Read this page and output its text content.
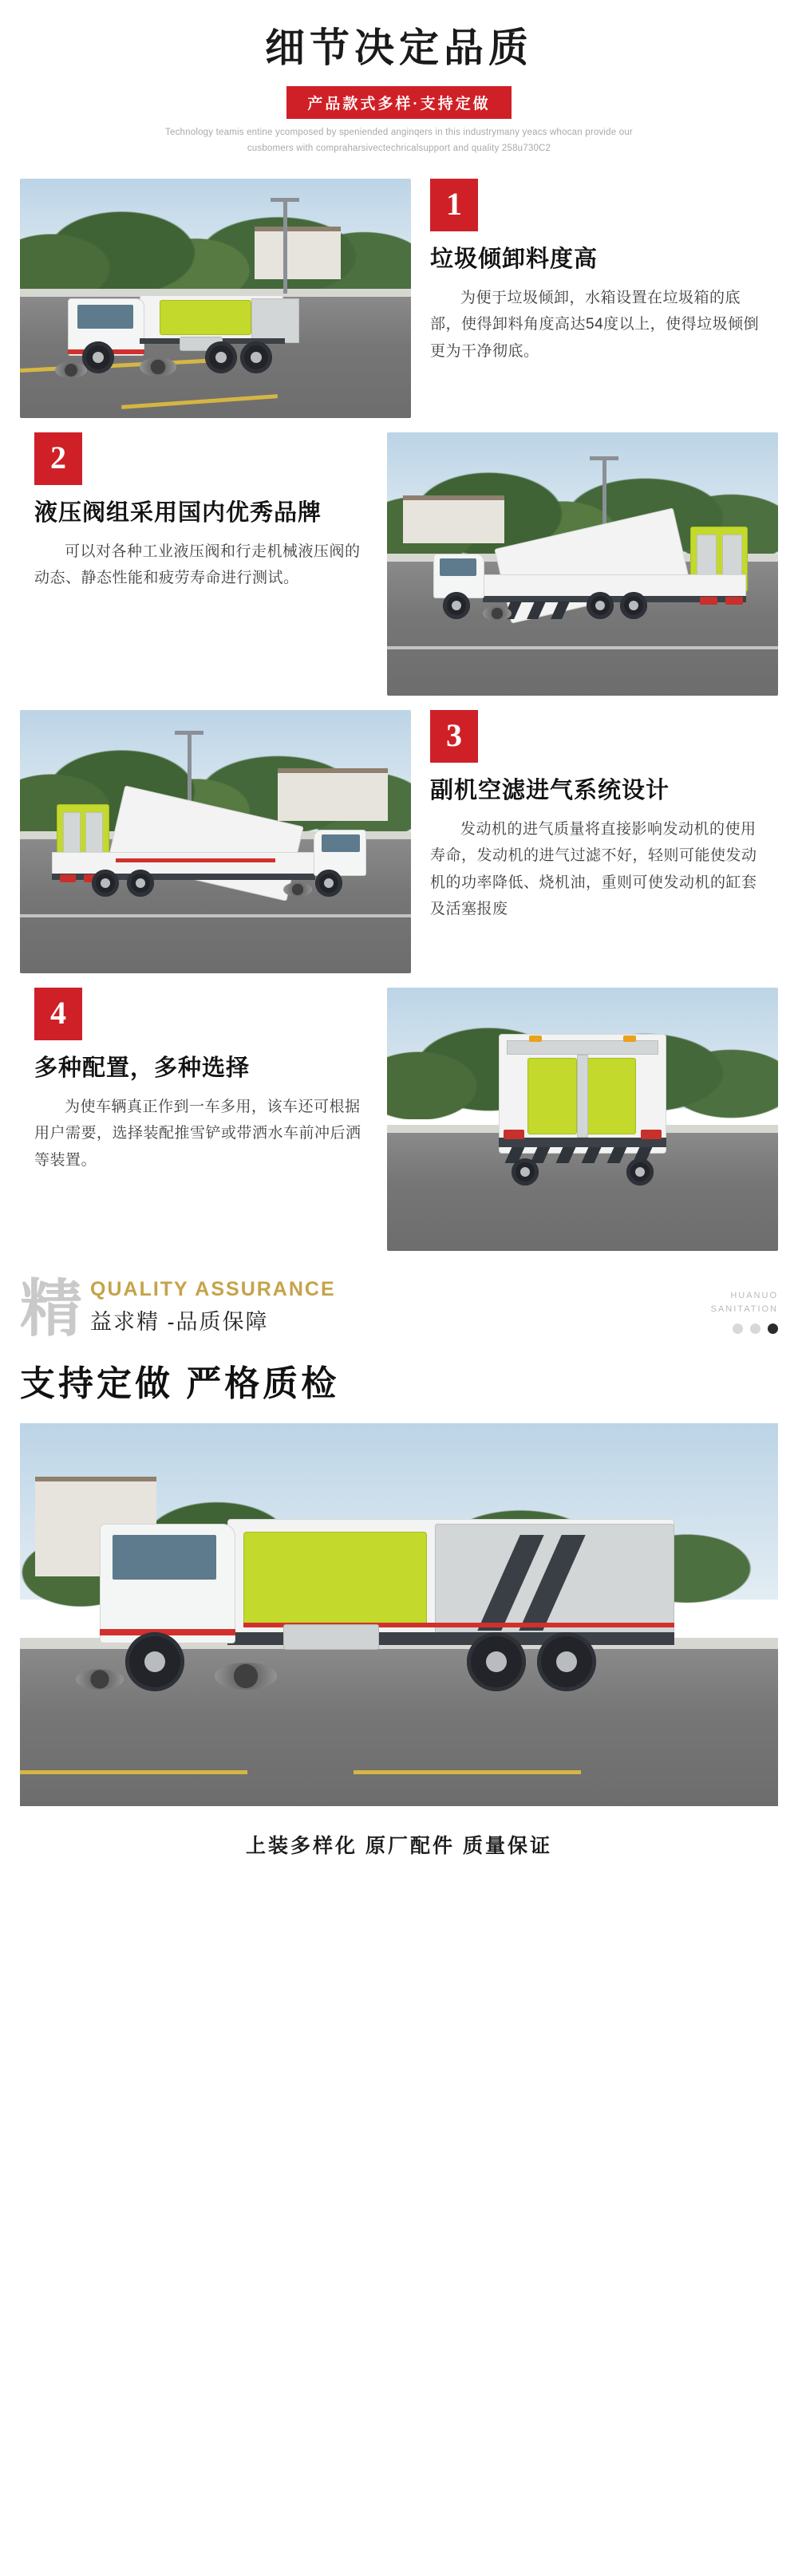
细节决定品质
产品款式多样·支持定做
Technology teamis entine ycomposed by speniended anginqers in this industrymany yeacs whocan provide our cusbomers with compraharsivectechricalsupport and quality 258u730C2
1
垃圾倾卸料度高
为便于垃圾倾卸，水箱设置在垃圾箱的底部，使得卸料角度高达54度以上，使得垃圾倾倒更为干净彻底。
2
液压阀组采用国内优秀品牌
可以对各种工业液压阀和行走机械液压阀的动态、静态性能和疲劳寿命进行测试。
3
副机空滤进气系统设计
发动机的进气质量将直接影响发动机的使用寿命，发动机的进气过滤不好，轻则可能使发动机的功率降低、烧机油，重则可使发动机的缸套及活塞报废
4
多种配置，多种选择
为使车辆真正作到一车多用，该车还可根据用户需要，选择装配推雪铲或带洒水车前冲后洒等装置。
精 QUALITY ASSURANCE
益求精 -品质保障
HUANUO
SANITATION
支持定做 严格质检
上装多样化 原厂配件 质量保证
